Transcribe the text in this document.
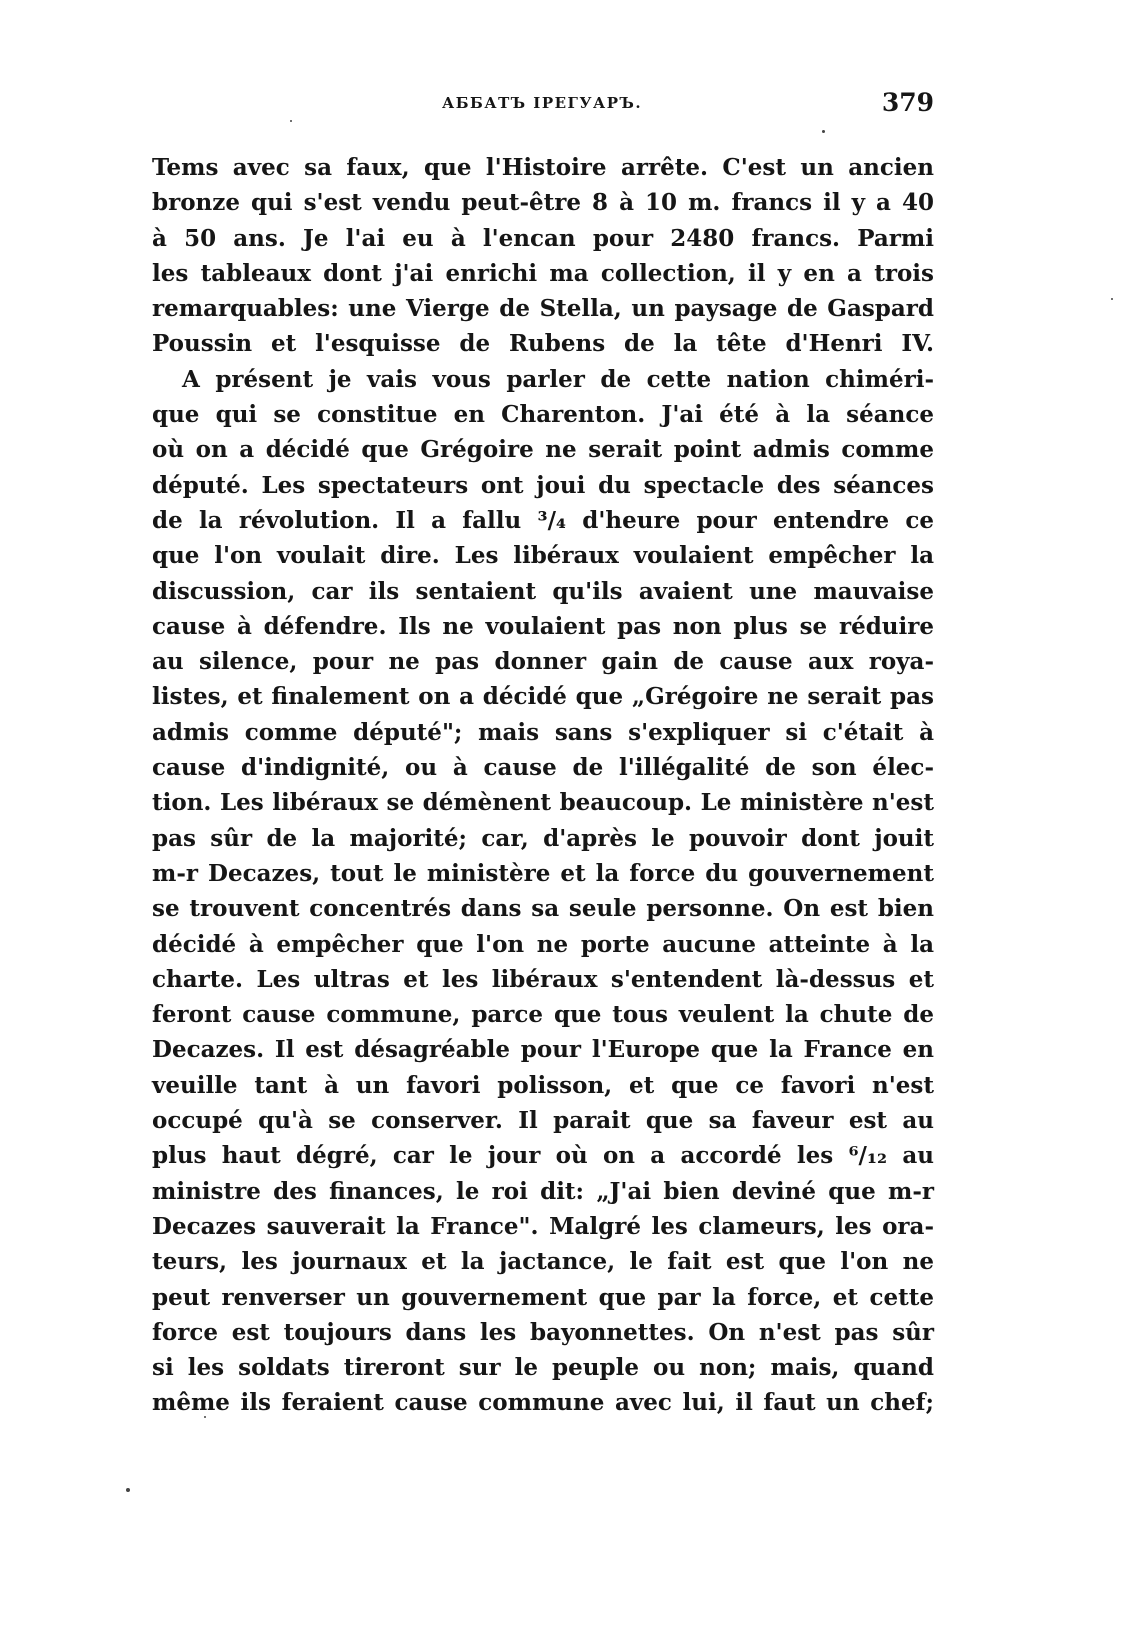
АББАТЪ IРЕГУАРЪ.	379
Tems avec sa faux, que l'Histoire arrête. C'est un ancien
bronze qui s'est vendu peut-être 8 à 10 m. francs il y a 40
à 50 ans. Je l'ai eu à l'encan pour 2480 francs. Parmi
les tableaux dont j'ai enrichi ma collection, il y en a trois
remarquables: une Vierge de Stella, un paysage de Gaspard
Poussin et l'esquisse de Rubens de la tête d'Henri IV.
A présent je vais vous parler de cette nation chiméri-
que qui se constitue en Charenton. J'ai été à la séance
où on a décidé que Grégoire ne serait point admis comme
député. Les spectateurs ont joui du spectacle des séances
de la révolution. Il a fallu ³/₄ d'heure pour entendre ce
que l'on voulait dire. Les libéraux voulaient empêcher la
discussion, car ils sentaient qu'ils avaient une mauvaise
cause à défendre. Ils ne voulaient pas non plus se réduire
au silence, pour ne pas donner gain de cause aux roya-
listes, et finalement on a décidé que „Grégoire ne serait pas
admis comme député"; mais sans s'expliquer si c'était à
cause d'indignité, ou à cause de l'illégalité de son élec-
tion. Les libéraux se démènent beaucoup. Le ministère n'est
pas sûr de la majorité; car, d'après le pouvoir dont jouit
m-r Decazes, tout le ministère et la force du gouvernement
se trouvent concentrés dans sa seule personne. On est bien
décidé à empêcher que l'on ne porte aucune atteinte à la
charte. Les ultras et les libéraux s'entendent là-dessus et
feront cause commune, parce que tous veulent la chute de
Decazes. Il est désagréable pour l'Europe que la France en
veuille tant à un favori polisson, et que ce favori n'est
occupé qu'à se conserver. Il parait que sa faveur est au
plus haut dégré, car le jour où on a accordé les ⁶/₁₂ au
ministre des finances, le roi dit: „J'ai bien deviné que m-r
Decazes sauverait la France". Malgré les clameurs, les ora-
teurs, les journaux et la jactance, le fait est que l'on ne
peut renverser un gouvernement que par la force, et cette
force est toujours dans les bayonnettes. On n'est pas sûr
si les soldats tireront sur le peuple ou non; mais, quand
même ils feraient cause commune avec lui, il faut un chef;
